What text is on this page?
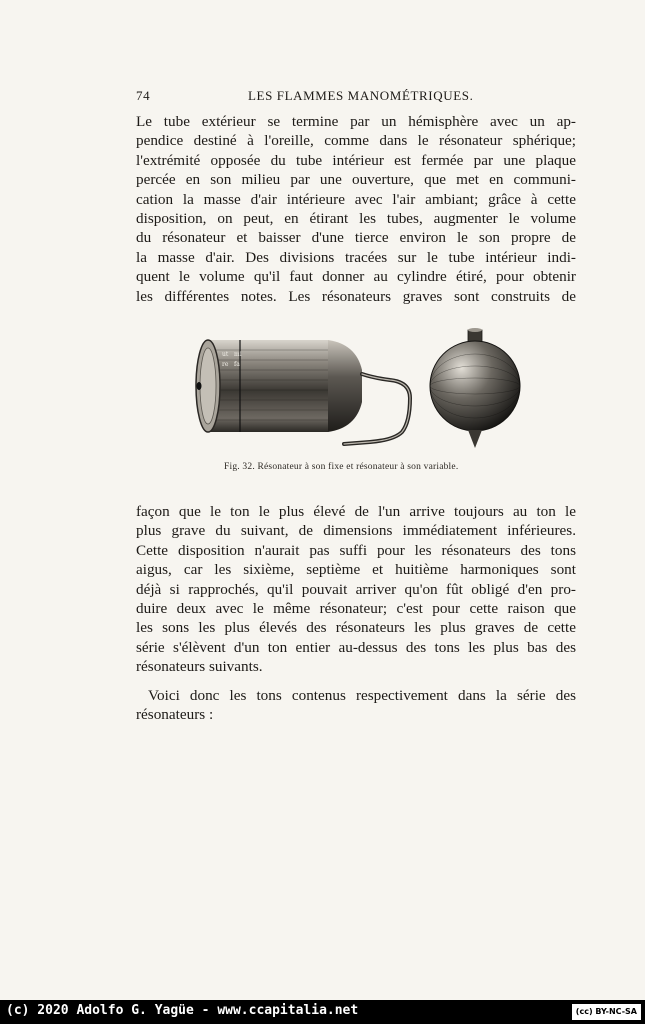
74	LES FLAMMES MANOMÉTRIQUES.

Le tube extérieur se termine par un hémisphère avec un ap-
pendice destiné à l'oreille, comme dans le résonateur sphérique;
l'extrémité opposée du tube intérieur est fermée par une plaque
percée en son milieu par une ouverture, que met en communi-
cation la masse d'air intérieure avec l'air ambiant; grâce à cette
disposition, on peut, en étirant les tubes, augmenter le volume
du résonateur et baisser d'une tierce environ le son propre de
la masse d'air. Des divisions tracées sur le tube intérieur indi-
quent le volume qu'il faut donner au cylindre étiré, pour obtenir
les différentes notes. Les résonateurs graves sont construits de

ut
re
mi
fa
Fig. 32. Résonateur à son fixe et résonateur à son variable.

façon que le ton le plus élevé de l'un arrive toujours au ton le
plus grave du suivant, de dimensions immédiatement inférieures.
Cette disposition n'aurait pas suffi pour les résonateurs des tons
aigus, car les sixième, septième et huitième harmoniques sont
déjà si rapprochés, qu'il pouvait arriver qu'on fût obligé d'en pro-
duire deux avec le même résonateur; c'est pour cette raison que
les sons les plus élevés des résonateurs les plus graves de cette
série s'élèvent d'un ton entier au-dessus des tons les plus bas des
résonateurs suivants.

Voici donc les tons contenus respectivement dans la série des
résonateurs :

(c) 2020 Adolfo G. Yagüe - www.ccapitalia.net	(cc) BY-NC-SA
